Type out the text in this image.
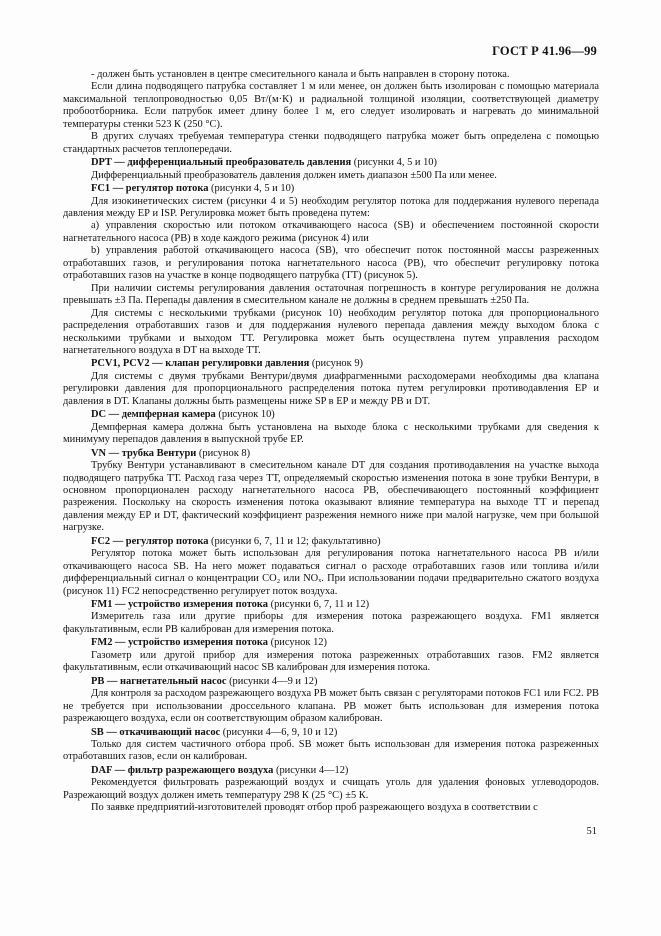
ГОСТ Р 41.96—99

- должен быть установлен в центре смесительного канала и быть направлен в сторону потока.

Если длина подводящего патрубка составляет 1 м или менее, он должен быть изолирован с помощью материала максимальной теплопроводностью 0,05 Вт/(м·К) и радиальной толщиной изоляции, соответствующей диаметру пробоотборника. Если патрубок имеет длину более 1 м, его следует изолировать и нагревать до минимальной температуры стенки 523 К (250 °С).

В других случаях требуемая температура стенки подводящего патрубка может быть определена с помощью стандартных расчетов теплопередачи.

DPT — дифференциальный преобразователь давления (рисунки 4, 5 и 10)

Дифференциальный преобразователь давления должен иметь диапазон ±500 Па или менее.

FC1 — регулятор потока (рисунки 4, 5 и 10)

Для изокинетических систем (рисунки 4 и 5) необходим регулятор потока для поддержания нулевого перепада давления между ЕР и ISP. Регулировка может быть проведена путем:

а) управления скоростью или потоком откачивающего насоса (SB) и обеспечением постоянной скорости нагнетательного насоса (РВ) в ходе каждого режима (рисунок 4) или

b) управления работой откачивающего насоса (SB), что обеспечит поток постоянной массы разреженных отработавших газов, и регулирования потока нагнетательного насоса (РВ), что обеспечит регулировку потока отработавших газов на участке в конце подводящего патрубка (ТТ) (рисунок 5).

При наличии системы регулирования давления остаточная погрешность в контуре регулирования не должна превышать ±3 Па. Перепады давления в смесительном канале не должны в среднем превышать ±250 Па.

Для системы с несколькими трубками (рисунок 10) необходим регулятор потока для пропорционального распределения отработавших газов и для поддержания нулевого перепада давления между выходом блока с несколькими трубками и выходом ТТ. Регулировка может быть осуществлена путем управления расходом нагнетательного воздуха в DT на выходе ТТ.

PCV1, PCV2 — клапан регулировки давления (рисунок 9)

Для системы с двумя трубками Вентури/двумя диафрагменными расходомерами необходимы два клапана регулировки давления для пропорционального распределения потока путем регулировки противодавления ЕР и давления в DT. Клапаны должны быть размещены ниже SP в ЕР и между РВ и DT.

DC — демпферная камера (рисунок 10)

Демпферная камера должна быть установлена на выходе блока с несколькими трубками для сведения к минимуму перепадов давления в выпускной трубе ЕР.

VN — трубка Вентури (рисунок 8)

Трубку Вентури устанавливают в смесительном канале DT для создания противодавления на участке выхода подводящего патрубка ТТ. Расход газа через ТТ, определяемый скоростью изменения потока в зоне трубки Вентури, в основном пропорционален расходу нагнетательного насоса РВ, обеспечивающего постоянный коэффициент разрежения. Поскольку на скорость изменения потока оказывают влияние температура на выходе ТТ и перепад давления между ЕР и DT, фактический коэффициент разрежения немного ниже при малой нагрузке, чем при большой нагрузке.

FC2 — регулятор потока (рисунки 6, 7, 11 и 12; факультативно)

Регулятор потока может быть использован для регулирования потока нагнетательного насоса РВ и/или откачивающего насоса SB. На него может подаваться сигнал о расходе отработавших газов или топлива и/или дифференциальный сигнал о концентрации CO₂ или NOₓ. При использовании подачи предварительно сжатого воздуха (рисунок 11) FC2 непосредственно регулирует поток воздуха.

FM1 — устройство измерения потока (рисунки 6, 7, 11 и 12)

Измеритель газа или другие приборы для измерения потока разрежающего воздуха. FM1 является факультативным, если РВ калиброван для измерения потока.

FM2 — устройство измерения потока (рисунок 12)

Газометр или другой прибор для измерения потока разреженных отработавших газов. FM2 является факультативным, если откачивающий насос SB калиброван для измерения потока.

РВ — нагнетательный насос (рисунки 4—9 и 12)

Для контроля за расходом разрежающего воздуха РВ может быть связан с регуляторами потоков FC1 или FC2. РВ не требуется при использовании дроссельного клапана. РВ может быть использован для измерения потока разрежающего воздуха, если он соответствующим образом калиброван.

SB — откачивающий насос (рисунки 4—6, 9, 10 и 12)

Только для систем частичного отбора проб. SB может быть использован для измерения потока разреженных отработавших газов, если он калиброван.

DAF — фильтр разрежающего воздуха (рисунки 4—12)

Рекомендуется фильтровать разрежающий воздух и счищать уголь для удаления фоновых углеводородов. Разрежающий воздух должен иметь температуру 298 К (25 °С) ±5 К.

По заявке предприятий-изготовителей проводят отбор проб разрежающего воздуха в соответствии с

51
